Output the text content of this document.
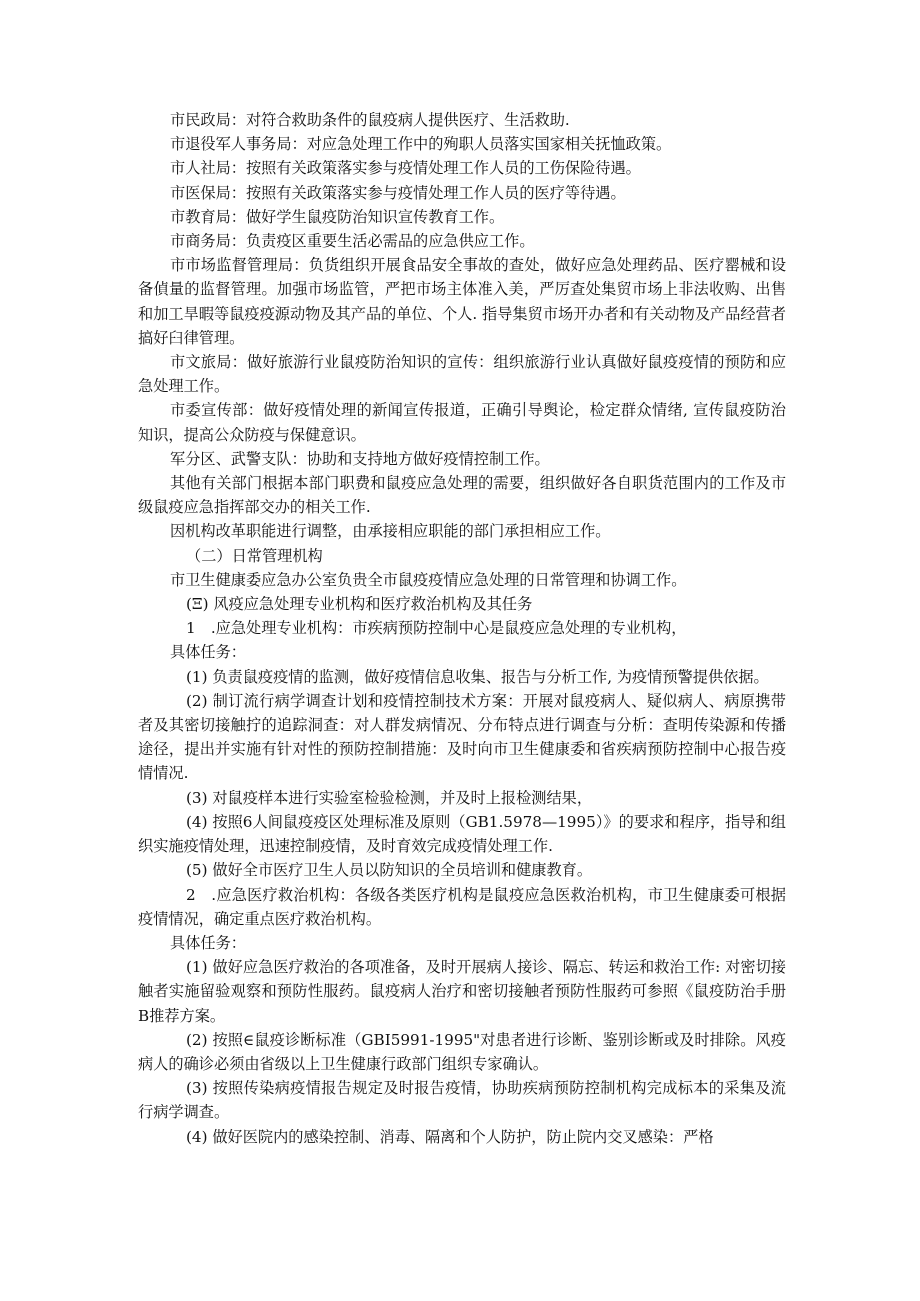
市民政局：对符合救助条件的鼠疫病人提供医疗、生活救助.

市退役军人事务局：对应急处理工作中的殉职人员落实国家相关抚恤政策。

市人社局：按照有关政策落实参与疫情处理工作人员的工伤保险待遇。

市医保局：按照有关政策落实参与疫情处理工作人员的医疗等待遇。

市教育局：做好学生鼠疫防治知识宣传教育工作。

市商务局：负责疫区重要生活必需品的应急供应工作。

市市场监督管理局：负货组织开展食品安全事故的查处，做好应急处理药品、医疗罂械和设备偵量的监督管理。加强市场监管，严把市场主体准入美，严厉查处集贸市场上非法收购、出售和加工旱暇等鼠疫疫源动物及其产品的单位、个人. 指导集贸市场开办者和有关动物及产品经营者搞好臼律管理。

市文旅局：做好旅游行业鼠疫防治知识的宣传：组织旅游行业认真做好鼠疫疫情的预防和应急处理工作。

市委宣传部：做好疫情处理的新闻宣传报道，正确引导舆论，检定群众情绪, 宣传鼠疫防治知识，提高公众防疫与保健意识。

军分区、武警支队：协助和支持地方做好疫情控制工作。

其他有关部门根据本部门职费和鼠疫应急处理的需要，组织做好各自职货范围内的工作及市级鼠疫应急指挥部交办的相关工作.

因机构改革职能进行调整，由承接相应职能的部门承担相应工作。

（二）日常管理机构

市卫生健康委应急办公室负贵全市鼠疫疫情应急处理的日常管理和协调工作。

(Ξ) 风疫应急处理专业机构和医疗救治机构及其任务

1　.应急处理专业机构：市疾病预防控制中心是鼠疫应急处理的专业机构，

具体任务：

(1) 负责鼠疫疫情的监测，做好疫情信息收集、报告与分析工作, 为疫情预警提供依据。

(2) 制订流行病学调查计划和疫情控制技术方案：开展对鼠疫病人、疑似病人、病原携带者及其密切接触拧的追踪洞查：对人群发病情况、分布特点进行调查与分析：查明传染源和传播途径，提出并实施有针对性的预防控制措施：及时向市卫生健康委和省疾病预防控制中心报告疫情情况.

(3) 对鼠疫样本进行实验室检验检测，并及时上报检测结果，

(4) 按照6人间鼠疫疫区处理标准及原则（GB1.5978—1995）》的要求和程序，指导和组织实施疫情处理，迅速控制疫情，及时育效完成疫情处理工作.

(5) 做好全市医疗卫生人员以防知识的全员培训和健康教育。

2　.应急医疗救治机构：各级各类医疗机构是鼠疫应急医救治机构，市卫生健康委可根据疫情情况，确定重点医疗救治机构。

具体任务：

(1) 做好应急医疗救治的各项准备，及时开展病人接诊、隔忘、转运和救治工作: 对密切接触者实施留验观察和预防性服药。鼠疫病人治疗和密切接触者预防性服药可参照《鼠疫防治手册B推荐方案。

(2) 按照∈鼠疫诊断标准（GBI5991-1995"对患者进行诊断、鉴别诊断或及时排除。风疫病人的确诊必须由省级以上卫生健康行政部门组织专家确认。

(3) 按照传染病疫情报告规定及时报告疫情，协助疾病预防控制机构完成标本的采集及流行病学调查。

(4) 做好医院内的感染控制、消毒、隔离和个人防护，防止院内交叉感染：严格
